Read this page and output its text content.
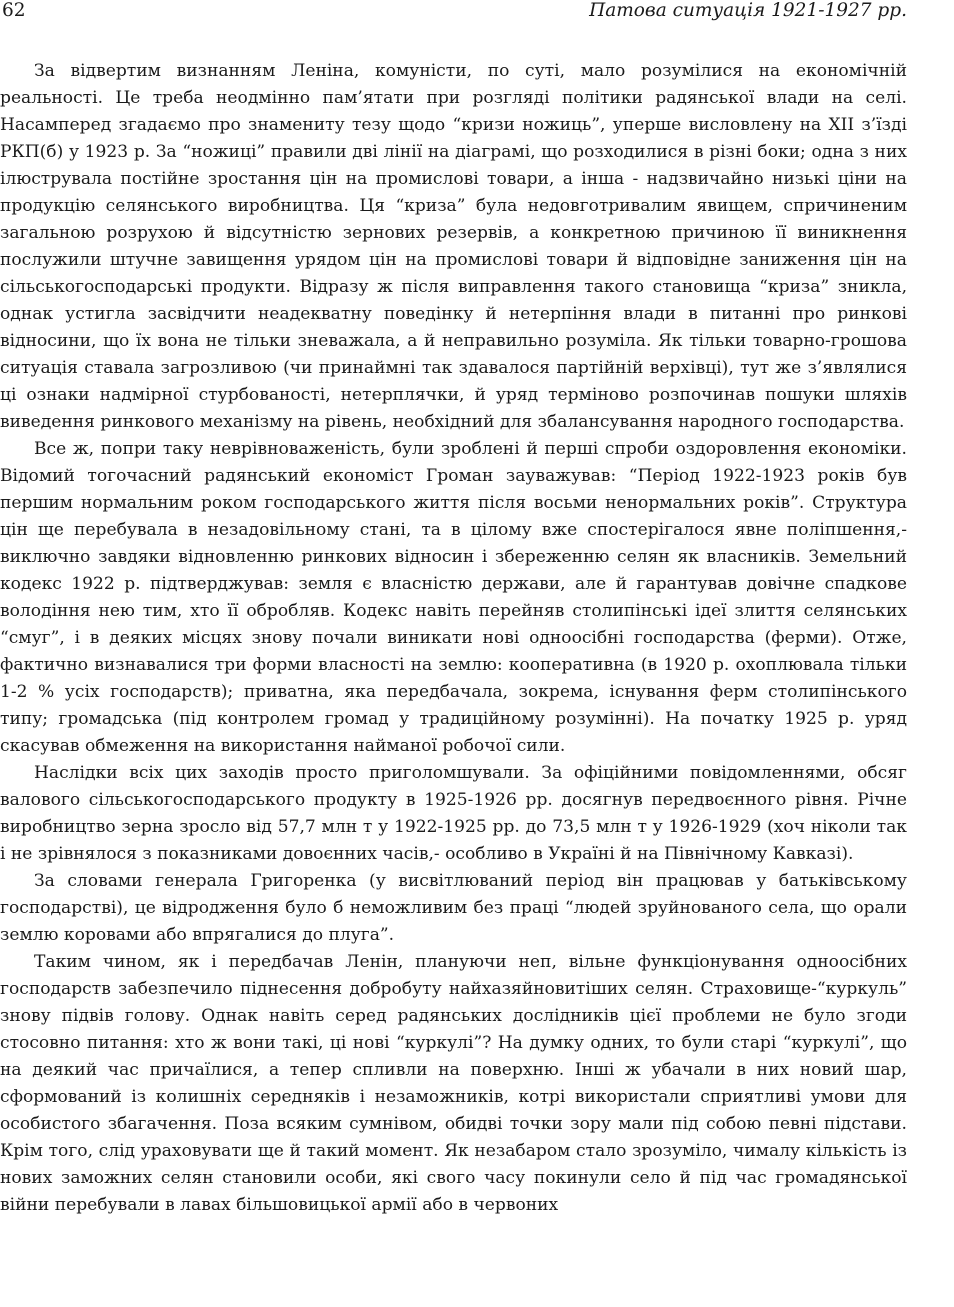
62	Патова ситуація 1921-1927 рр.

За відвертим визнанням Леніна, комуністи, по суті, мало розумілися на економічній реальності. Це треба неодмінно пам’ятати при розгляді політики радянської влади на селі. Насамперед згадаємо про знамениту тезу щодо “кризи ножиць”, уперше висловлену на XII з’їзді РКП(б) у 1923 р. За “ножиці” правили дві лінії на діаграмі, що розходилися в різні боки; одна з них ілюструвала постійне зростання цін на промислові товари, а інша - надзвичайно низькі ціни на продукцію селянського виробництва. Ця “криза” була недовготривалим явищем, спричиненим загальною розрухою й відсутністю зернових резервів, а конкретною причиною її виникнення послужили штучне завищення урядом цін на промислові товари й відповідне заниження цін на сільськогосподарські продукти. Відразу ж після виправлення такого становища “криза” зникла, однак устигла засвідчити неадекватну поведінку й нетерпіння влади в питанні про ринкові відносини, що їх вона не тільки зневажала, а й неправильно розуміла. Як тільки товарно-грошова ситуація ставала загрозливою (чи принаймні так здавалося партійній верхівці), тут же з’являлися ці ознаки надмірної стурбованості, нетерплячки, й уряд терміново розпочинав пошуки шляхів виведення ринкового механізму на рівень, необхідний для збалансування народного господарства.

Все ж, попри таку неврівноваженість, були зроблені й перші спроби оздоровлення економіки. Відомий тогочасний радянський економіст Громан зауважував: “Період 1922-1923 років був першим нормальним роком господарського життя після восьми ненормальних років”. Структура цін ще перебувала в незадовільному стані, та в цілому вже спостерігалося явне поліпшення,- виключно завдяки відновленню ринкових відносин і збереженню селян як власників. Земельний кодекс 1922 р. підтверджував: земля є власністю держави, але й гарантував довічне спадкове володіння нею тим, хто її обробляв. Кодекс навіть перейняв столипінські ідеї злиття селянських “смуг”, і в деяких місцях знову почали виникати нові одноосібні господарства (ферми). Отже, фактично визнавалися три форми власності на землю: кооперативна (в 1920 р. охоплювала тільки 1-2 % усіх господарств); приватна, яка передбачала, зокрема, існування ферм столипінського типу; громадська (під контролем громад у традиційному розумінні). На початку 1925 р. уряд скасував обмеження на використання найманої робочої сили.

Наслідки всіх цих заходів просто приголомшували. За офіційними повідомленнями, обсяг валового сільськогосподарського продукту в 1925-1926 рр. досягнув передвоєнного рівня. Річне виробництво зерна зросло від 57,7 млн т у 1922-1925 рр. до 73,5 млн т у 1926-1929 (хоч ніколи так і не зрівнялося з показниками довоєнних часів,- особливо в Україні й на Північному Кавказі).

За словами генерала Григоренка (у висвітлюваний період він працював у батьківському господарстві), це відродження було б неможливим без праці “людей зруйнованого села, що орали землю коровами або впрягалися до плуга”.

Таким чином, як і передбачав Ленін, плануючи неп, вільне функціонування одноосібних господарств забезпечило піднесення добробуту найхазяйновитіших селян. Страховище-“куркуль” знову підвів голову. Однак навіть серед радянських дослідників цієї проблеми не було згоди стосовно питання: хто ж вони такі, ці нові “куркулі”? На думку одних, то були старі “куркулі”, що на деякий час причаїлися, а тепер спливли на поверхню. Інші ж убачали в них новий шар, сформований із колишніх середняків і незаможників, котрі використали сприятливі умови для особистого збагачення. Поза всяким сумнівом, обидві точки зору мали під собою певні підстави. Крім того, слід ураховувати ще й такий момент. Як незабаром стало зрозуміло, чималу кількість із нових заможних селян становили особи, які свого часу покинули село й під час громадянської війни перебували в лавах більшовицької армії або в червоних
